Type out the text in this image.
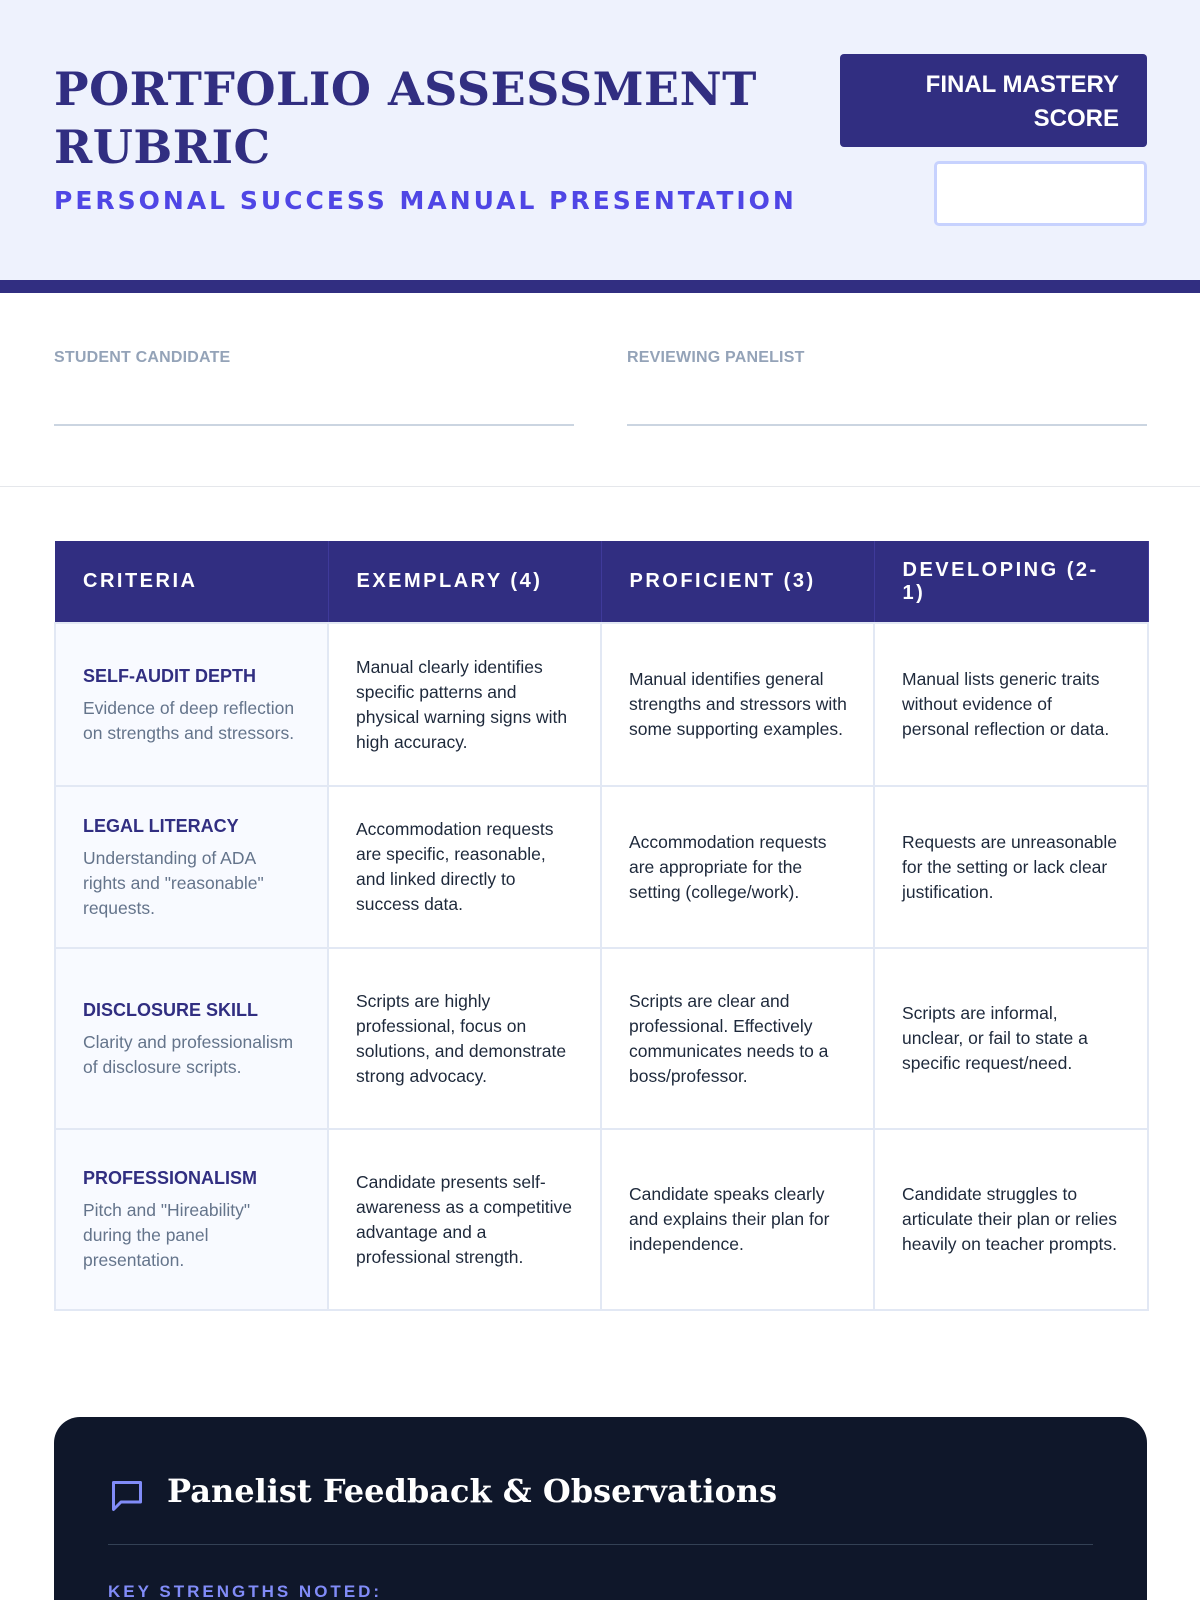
PORTFOLIO ASSESSMENT RUBRIC
PERSONAL SUCCESS MANUAL PRESENTATION
FINAL MASTERY SCORE
STUDENT CANDIDATE	REVIEWING PANELIST
CRITERIA	EXEMPLARY (4)	PROFICIENT (3)	DEVELOPING (2-1)

SELF-AUDIT DEPTH
Evidence of deep reflection on strengths and stressors.	Manual clearly identifies specific patterns and physical warning signs with high accuracy.	Manual identifies general strengths and stressors with some supporting examples.	Manual lists generic traits without evidence of personal reflection or data.

LEGAL LITERACY
Understanding of ADA rights and "reasonable" requests.	Accommodation requests are specific, reasonable, and linked directly to success data.	Accommodation requests are appropriate for the setting (college/work).	Requests are unreasonable for the setting or lack clear justification.

DISCLOSURE SKILL
Clarity and professionalism of disclosure scripts.	Scripts are highly professional, focus on solutions, and demonstrate strong advocacy.	Scripts are clear and professional. Effectively communicates needs to a boss/professor.	Scripts are informal, unclear, or fail to state a specific request/need.

PROFESSIONALISM
Pitch and "Hireability" during the panel presentation.	Candidate presents self-awareness as a competitive advantage and a professional strength.	Candidate speaks clearly and explains their plan for independence.	Candidate struggles to articulate their plan or relies heavily on teacher prompts.
Panelist Feedback & Observations
KEY STRENGTHS NOTED:
